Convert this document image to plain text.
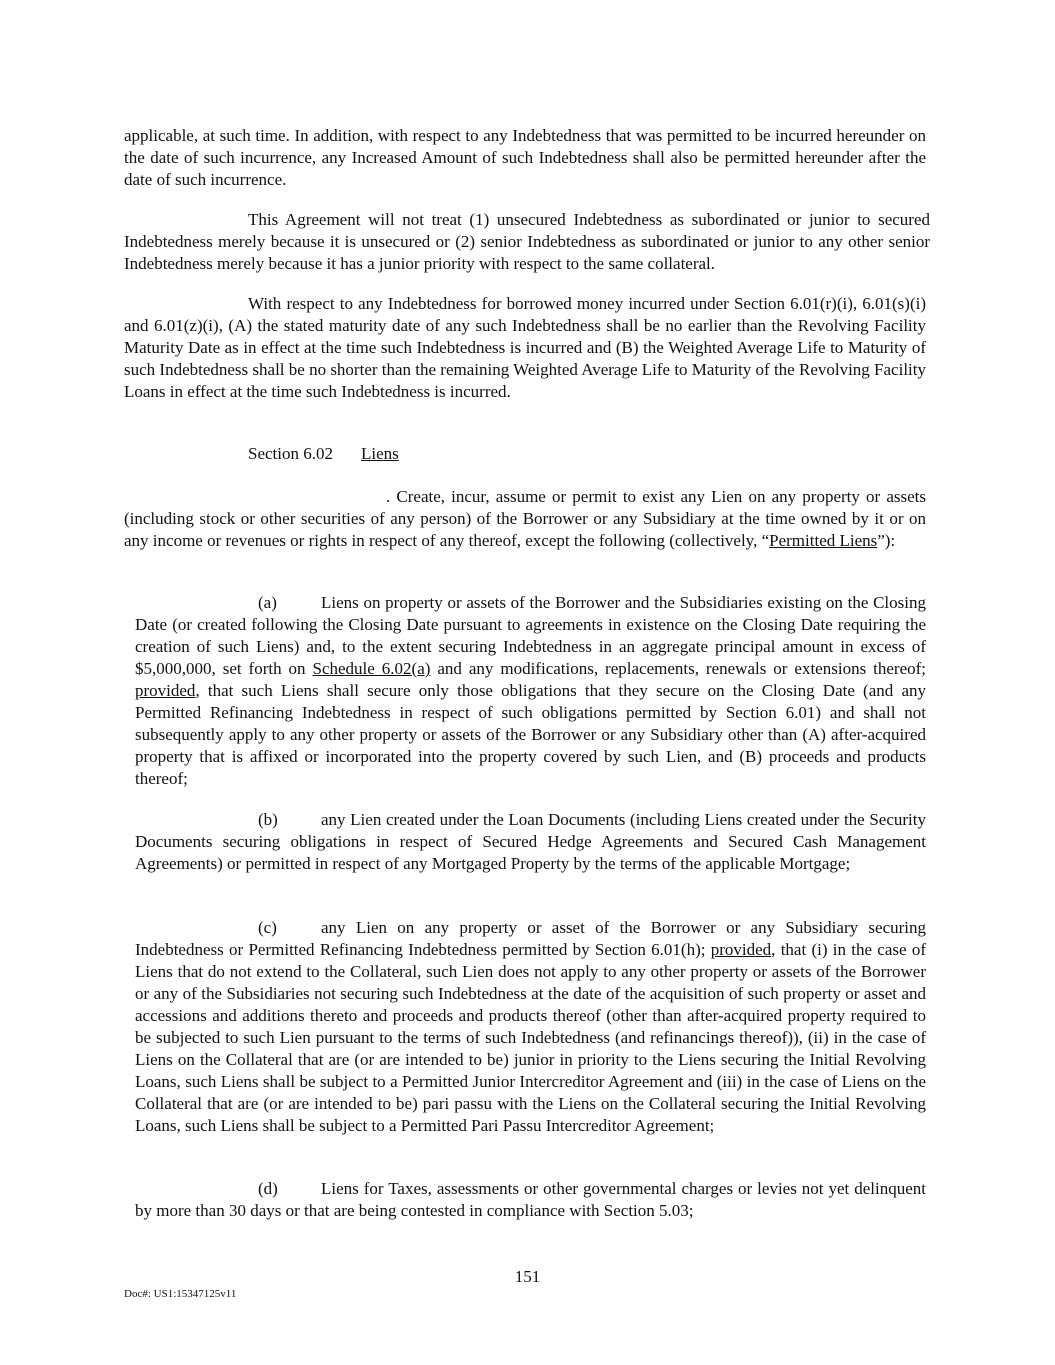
applicable, at such time. In addition, with respect to any Indebtedness that was permitted to be incurred hereunder on the date of such incurrence, any Increased Amount of such Indebtedness shall also be permitted hereunder after the date of such incurrence.

This Agreement will not treat (1) unsecured Indebtedness as subordinated or junior to secured Indebtedness merely because it is unsecured or (2) senior Indebtedness as subordinated or junior to any other senior Indebtedness merely because it has a junior priority with respect to the same collateral.

With respect to any Indebtedness for borrowed money incurred under Section 6.01(r)(i), 6.01(s)(i) and 6.01(z)(i), (A) the stated maturity date of any such Indebtedness shall be no earlier than the Revolving Facility Maturity Date as in effect at the time such Indebtedness is incurred and (B) the Weighted Average Life to Maturity of such Indebtedness shall be no shorter than the remaining Weighted Average Life to Maturity of the Revolving Facility Loans in effect at the time such Indebtedness is incurred.

Section 6.02 Liens

. Create, incur, assume or permit to exist any Lien on any property or assets (including stock or other securities of any person) of the Borrower or any Subsidiary at the time owned by it or on any income or revenues or rights in respect of any thereof, except the following (collectively, “Permitted Liens”):

(a)	Liens on property or assets of the Borrower and the Subsidiaries existing on the Closing Date (or created following the Closing Date pursuant to agreements in existence on the Closing Date requiring the creation of such Liens) and, to the extent securing Indebtedness in an aggregate principal amount in excess of $5,000,000, set forth on Schedule 6.02(a) and any modifications, replacements, renewals or extensions thereof; provided, that such Liens shall secure only those obligations that they secure on the Closing Date (and any Permitted Refinancing Indebtedness in respect of such obligations permitted by Section 6.01) and shall not subsequently apply to any other property or assets of the Borrower or any Subsidiary other than (A) after-acquired property that is affixed or incorporated into the property covered by such Lien, and (B) proceeds and products thereof;

(b)	any Lien created under the Loan Documents (including Liens created under the Security Documents securing obligations in respect of Secured Hedge Agreements and Secured Cash Management Agreements) or permitted in respect of any Mortgaged Property by the terms of the applicable Mortgage;

(c)	any Lien on any property or asset of the Borrower or any Subsidiary securing Indebtedness or Permitted Refinancing Indebtedness permitted by Section 6.01(h); provided, that (i) in the case of Liens that do not extend to the Collateral, such Lien does not apply to any other property or assets of the Borrower or any of the Subsidiaries not securing such Indebtedness at the date of the acquisition of such property or asset and accessions and additions thereto and proceeds and products thereof (other than after-acquired property required to be subjected to such Lien pursuant to the terms of such Indebtedness (and refinancings thereof)), (ii) in the case of Liens on the Collateral that are (or are intended to be) junior in priority to the Liens securing the Initial Revolving Loans, such Liens shall be subject to a Permitted Junior Intercreditor Agreement and (iii) in the case of Liens on the Collateral that are (or are intended to be) pari passu with the Liens on the Collateral securing the Initial Revolving Loans, such Liens shall be subject to a Permitted Pari Passu Intercreditor Agreement;

(d)	Liens for Taxes, assessments or other governmental charges or levies not yet delinquent by more than 30 days or that are being contested in compliance with Section 5.03;

151
Doc#: US1:15347125v11
